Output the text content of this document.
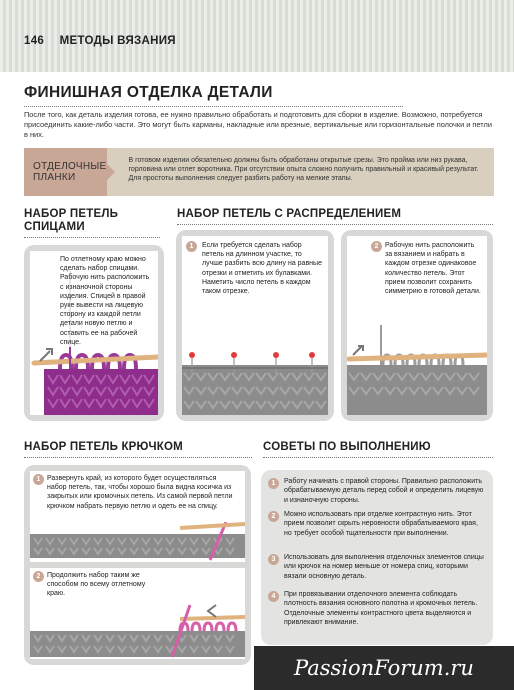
146 МЕТОДЫ ВЯЗАНИЯ
ФИНИШНАЯ ОТДЕЛКА ДЕТАЛИ
После того, как деталь изделия готова, ее нужно правильно обработать и подготовить для сборки в изделие. Возможно, потребуется присоединить какие-либо части. Это могут быть карманы, накладные или врезные, вертикальные или горизонтальные полочки и петли в них.
ОТДЕЛОЧНЫЕ ПЛАНКИ
В готовом изделии обязательно должны быть обработаны открытые срезы. Это пройма или низ рукава, горловина или отлет воротника. При отсутствии опыта сложно получить правильный и красивый результат. Для простоты выполнения следует разбить работу на мелкие этапы.
НАБОР ПЕТЕЛЬ СПИЦАМИ
По отлетному краю можно сделать набор спицами. Рабочую нить расположить с изнаночной стороны изделия. Спицей в правой руке вывести на лицевую сторону из каждой петли детали новую петлю и оставить ее на рабочей спице.
НАБОР ПЕТЕЛЬ С РАСПРЕДЕЛЕНИЕМ
1	Если требуется сделать набор петель на длинном участке, то лучше разбить всю длину на равные отрезки и отметить их булавками. Наметить число петель в каждом таком отрезке.
2 Рабочую нить расположить за вязанием и набрать в каждом отрезке одинаковое количество петель. Этот прием позволит сохранить симметрию в готовой детали.
НАБОР ПЕТЕЛЬ КРЮЧКОМ
1 Развернуть край, из которого будет осуществляться набор петель, так, чтобы хорошо была видна косичка из закрытых или кромочных петель. Из самой первой петли крючком набрать первую петлю и одеть ее на спицу.
2 Продолжить набор таким же способом по всему отлетному краю.
СОВЕТЫ ПО ВЫПОЛНЕНИЮ
1	Работу начинать с правой стороны. Правильно расположить обрабатываемую деталь перед собой и определить лицевую и изнаночную стороны.
2	Можно использовать при отделке контрастную нить. Этот прием позволит скрыть неровности обрабатываемого края, но требует особой тщательности при выполнении.
3	Использовать для выполнения отделочных элементов спицы или крючок на номер меньше от номера спиц, которыми вязали основную деталь.
4	При провязывании отделочного элемента соблюдать плотность вязания основного полотна и кромочных петель. Отделочные элементы контрастного цвета выделяются и привлекают внимание.
PassionForum.ru
